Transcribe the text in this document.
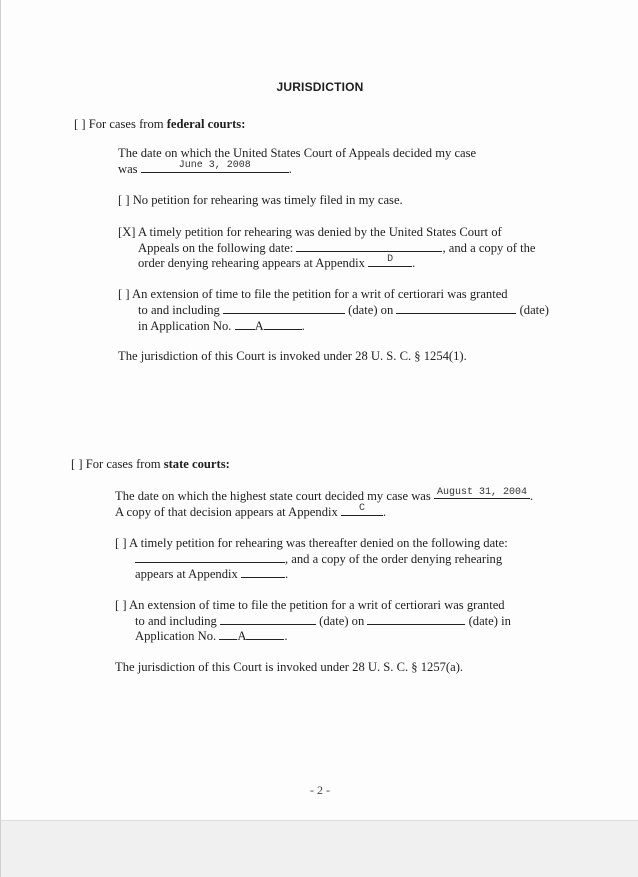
JURISDICTION
[ ] For cases from federal courts:
The date on which the United States Court of Appeals decided my case
was	June 3, 2008	.
[ ] No petition for rehearing was timely filed in my case.
[X] A timely petition for rehearing was denied by the United States Court of
Appeals on the following date:	, and a copy of the
order denying rehearing appears at Appendix	D	.
[ ] An extension of time to file the petition for a writ of certiorari was granted
to and including	(date) on	(date)
in Application No. A	.
The jurisdiction of this Court is invoked under 28 U. S. C. § 1254(1).
[ ] For cases from state courts:
The date on which the highest state court decided my case was August 31, 2004 .
A copy of that decision appears at Appendix	C	.
[ ] A timely petition for rehearing was thereafter denied on the following date:
, and a copy of the order denying rehearing
appears at Appendix	.
[ ] An extension of time to file the petition for a writ of certiorari was granted
to and including	(date) on	(date) in
Application No. A	.
The jurisdiction of this Court is invoked under 28 U. S. C. § 1257(a).
- 2 -
